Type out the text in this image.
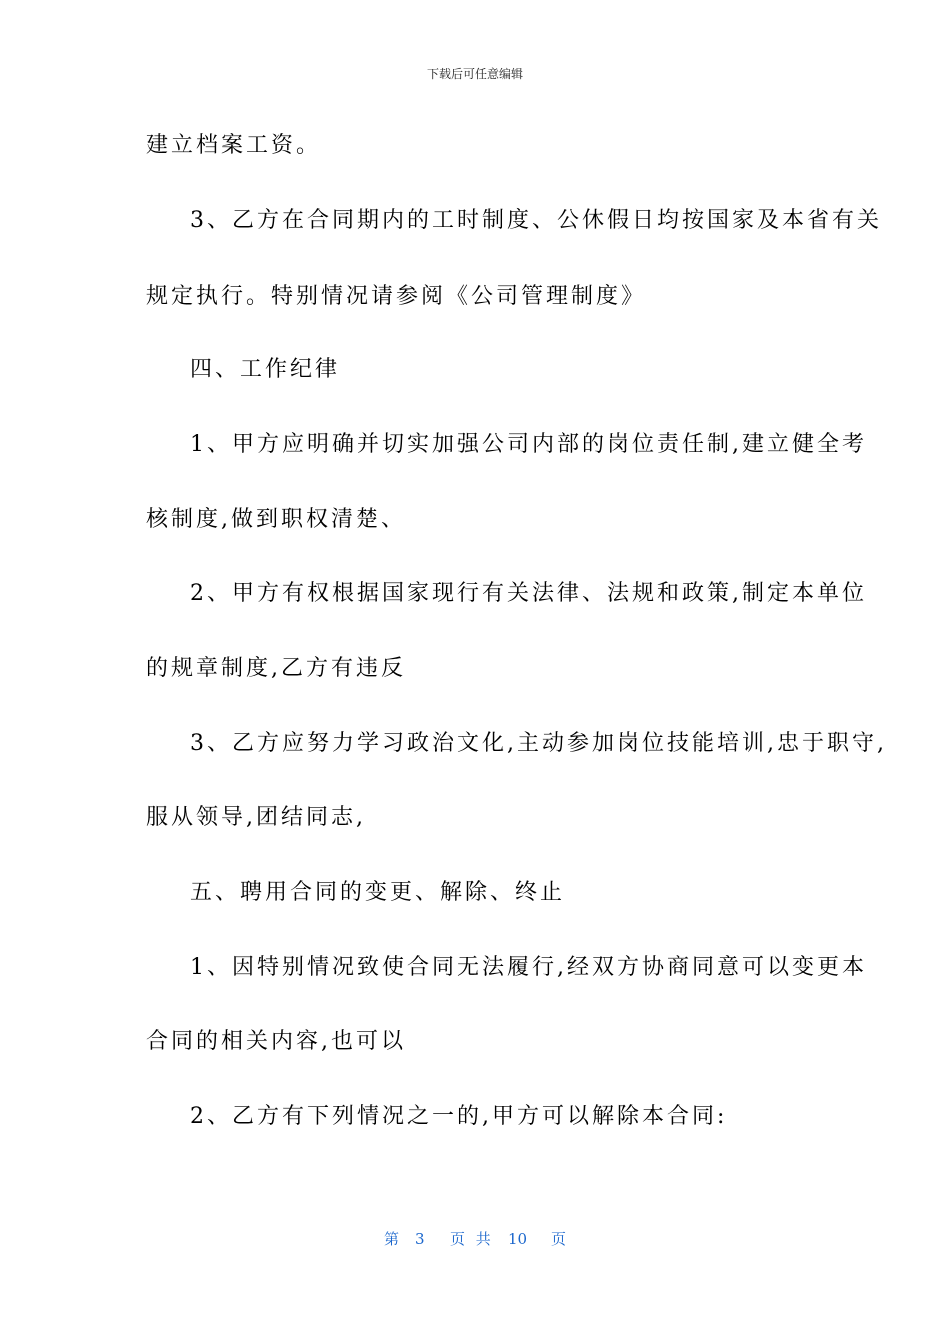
下载后可任意编辑
建立档案工资。
3、乙方在合同期内的工时制度、公休假日均按国家及本省有关
规定执行。特别情况请参阅《公司管理制度》
四、工作纪律
1、甲方应明确并切实加强公司内部的岗位责任制,建立健全考
核制度,做到职权清楚、
2、甲方有权根据国家现行有关法律、法规和政策,制定本单位
的规章制度,乙方有违反
3、乙方应努力学习政治文化,主动参加岗位技能培训,忠于职守,
服从领导,团结同志,
五、聘用合同的变更、解除、终止
1、因特别情况致使合同无法履行,经双方协商同意可以变更本
合同的相关内容,也可以
2、乙方有下列情况之一的,甲方可以解除本合同:
第 3 页 共 10 页
